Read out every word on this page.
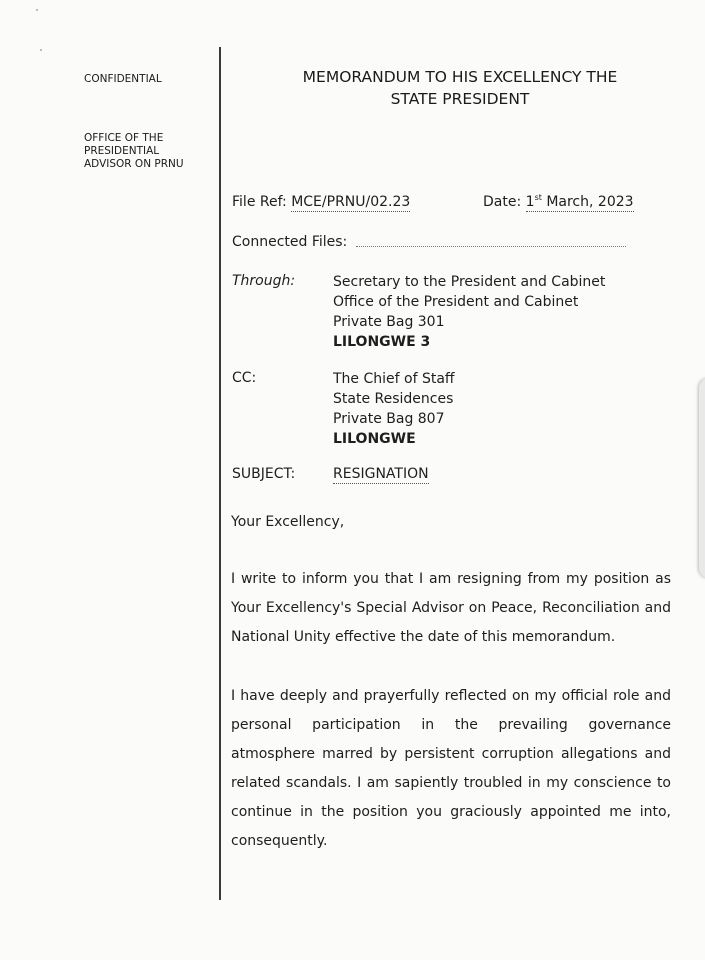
CONFIDENTIAL
OFFICE OF THE
PRESIDENTIAL
ADVISOR ON PRNU
MEMORANDUM TO HIS EXCELLENCY THE
STATE PRESIDENT
File Ref: MCE/PRNU/02.23	Date: 1st March, 2023
Connected Files:
Through:	Secretary to the President and Cabinet
Office of the President and Cabinet
Private Bag 301
LILONGWE 3
CC:	The Chief of Staff
State Residences
Private Bag 807
LILONGWE
SUBJECT:	RESIGNATION
Your Excellency,
I write to inform you that I am resigning from my position as Your Excellency's Special Advisor on Peace, Reconciliation and National Unity effective the date of this memorandum.
I have deeply and prayerfully reflected on my official role and personal participation in the prevailing governance atmosphere marred by persistent corruption allegations and related scandals. I am sapiently troubled in my conscience to continue in the position you graciously appointed me into, consequently.
